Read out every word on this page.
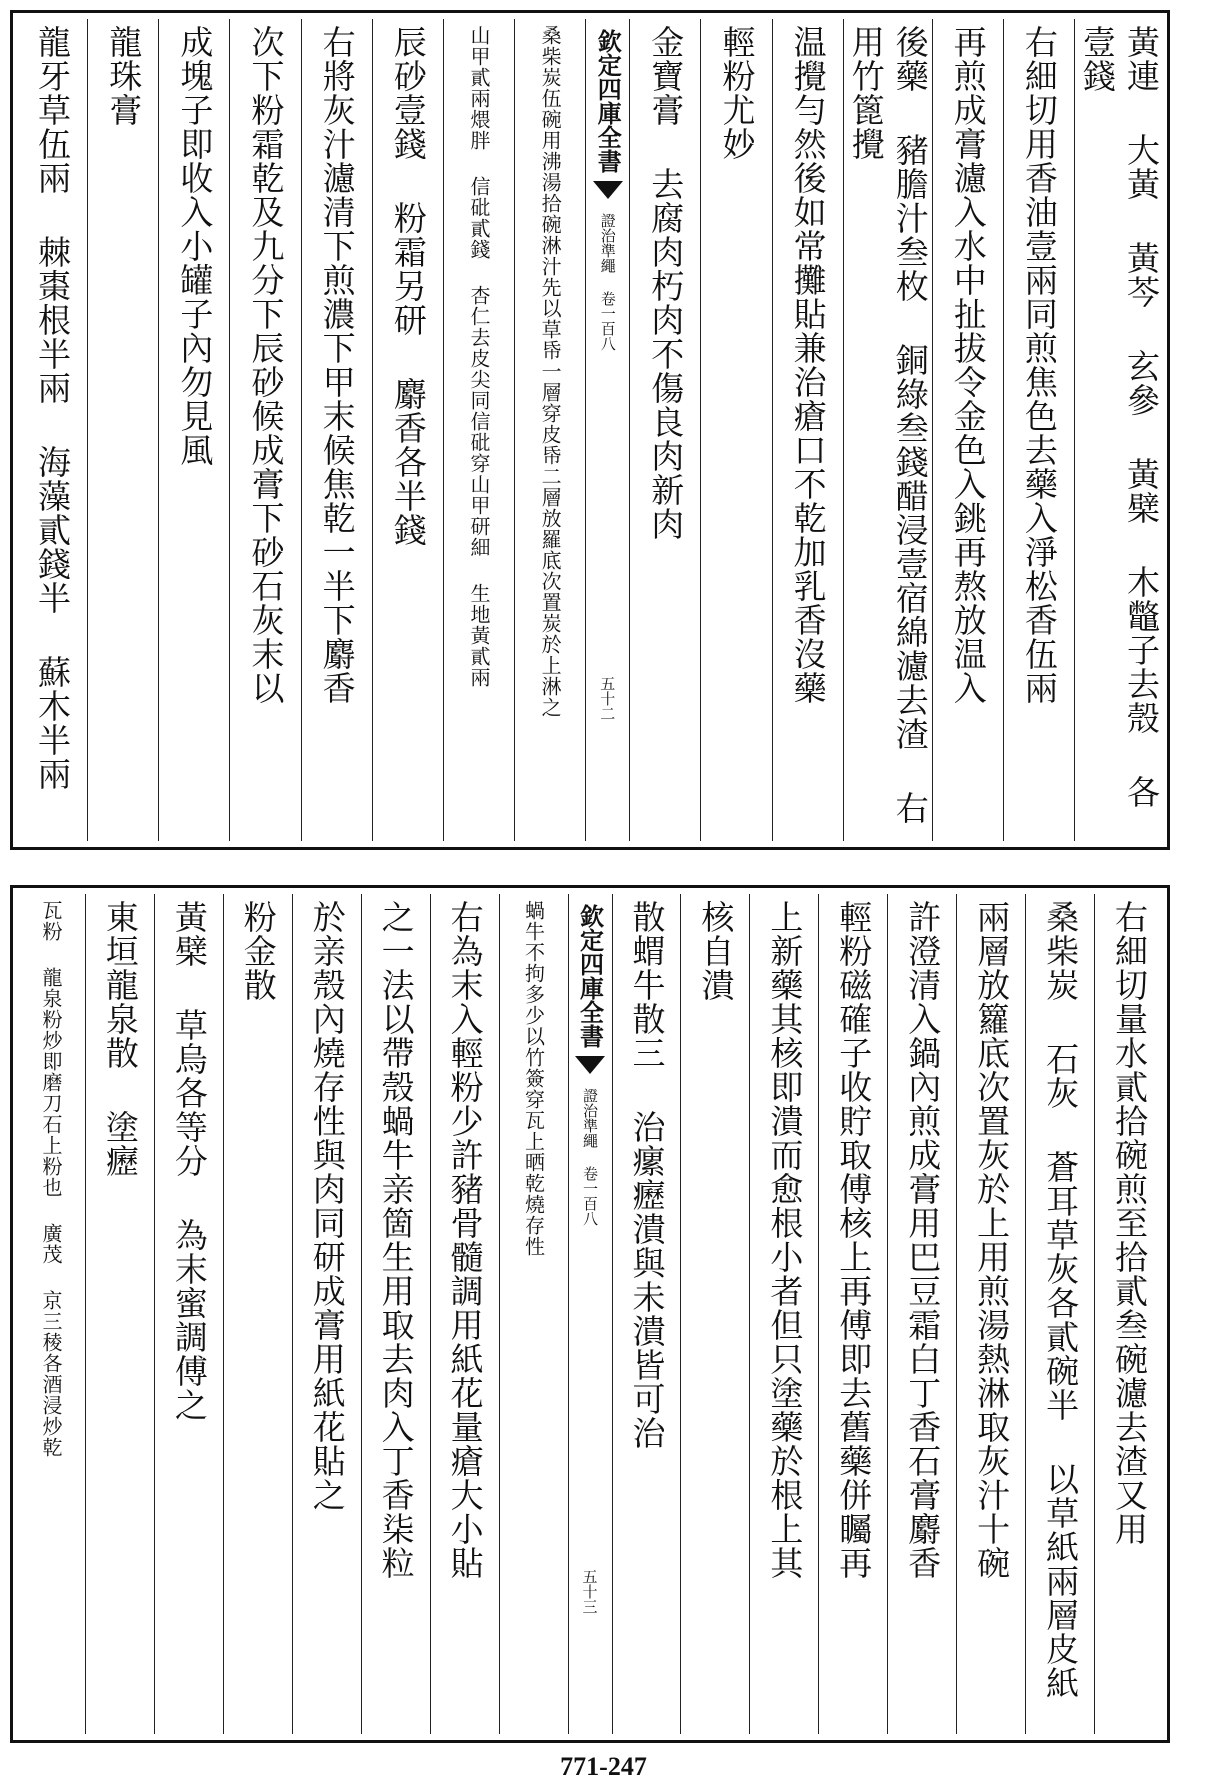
黃連 大黃 黃芩 玄參 黃檗 木鼈子去殼 各壹錢
右細切用香油壹兩同煎焦色去藥入淨松香伍兩
再煎成膏濾入水中扯拔令金色入銚再熬放温入
後藥 豬膽汁叁枚 銅綠叁錢醋浸壹宿綿濾去渣 右用竹篦攪
温攪勻然後如常攤貼兼治瘡口不乾加乳香沒藥
輕粉尤妙
金寶膏 去腐肉朽肉不傷良肉新肉
欽定四庫全書
證治準繩 卷一百八
五十二
桑柴炭伍碗用沸湯拾碗淋汁先以草帋一層穿皮帋二層放羅底次置炭於上淋之
山甲貳兩煨胖 信砒貳錢 杏仁去皮尖同信砒穿山甲研細 生地黃貳兩
辰砂壹錢 粉霜另研 麝香各半錢
右將灰汁濾清下煎濃下甲末候焦乾一半下麝香
次下粉霜乾及九分下辰砂候成膏下砂石灰末以
成塊子即收入小罐子內勿見風
龍珠膏
龍牙草伍兩 棘棗根半兩 海藻貳錢半 蘇木半兩
右細切量水貳拾碗煎至拾貳叁碗濾去渣又用
桑柴炭 石灰 蒼耳草灰各貳碗半 以草紙兩層皮紙
兩層放籮底次置灰於上用煎湯熱淋取灰汁十碗
許澄清入鍋內煎成膏用巴豆霜白丁香石膏麝香
輕粉磁確子收貯取傅核上再傅即去舊藥併矚再
上新藥其核即潰而愈根小者但只塗藥於根上其
核自潰
散蝟牛散三 治瘰癧潰與未潰皆可治
欽定四庫全書
證治準繩 卷一百八
五十三
蝸牛不拘多少以竹簽穿瓦上晒乾燒存性
右為末入輕粉少許豬骨髓調用紙花量瘡大小貼
之一法以帶殼蝸牛亲箇生用取去肉入丁香柒粒
於亲殼內燒存性與肉同研成膏用紙花貼之
粉金散
黃檗 草烏各等分 為末蜜調傅之
東垣龍泉散 塗癧
瓦粉 龍泉粉炒即磨刀石上粉也 廣茂 京三稜各酒浸炒乾
771-247
